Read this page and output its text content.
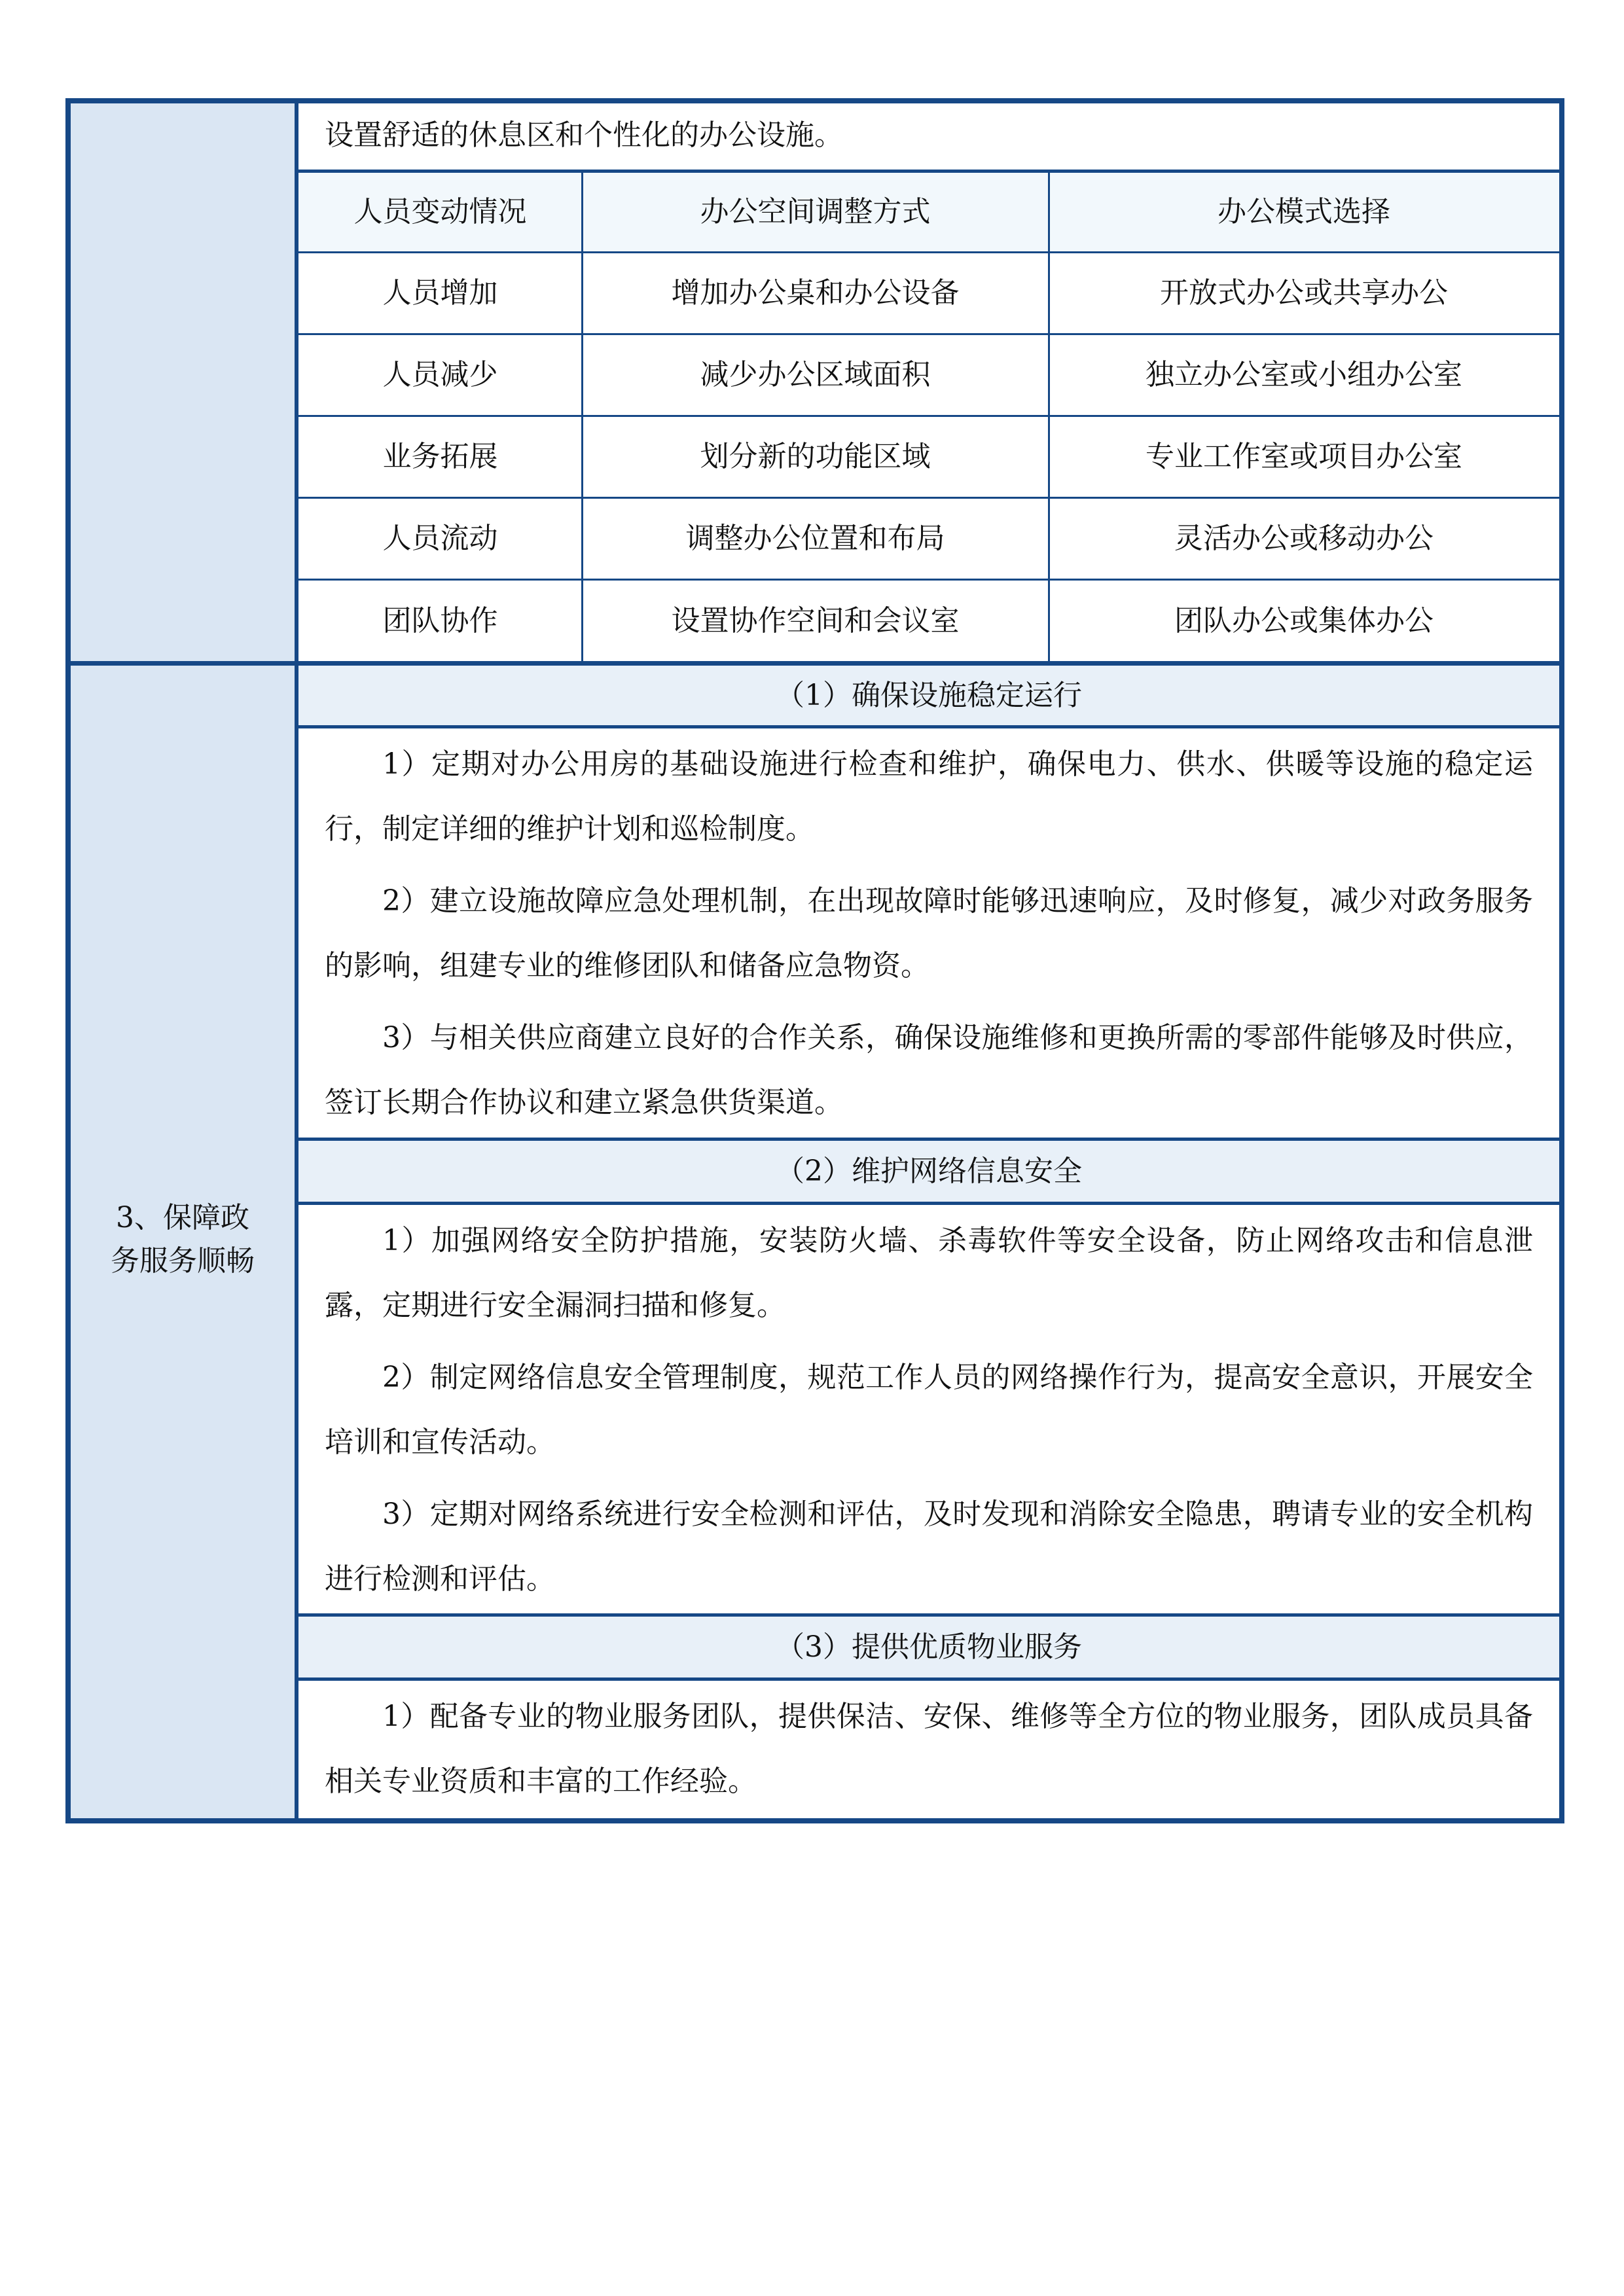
设置舒适的休息区和个性化的办公设施。
人员变动情况	办公空间调整方式	办公模式选择
人员增加	增加办公桌和办公设备	开放式办公或共享办公
人员减少	减少办公区域面积	独立办公室或小组办公室
业务拓展	划分新的功能区域	专业工作室或项目办公室
人员流动	调整办公位置和布局	灵活办公或移动办公
团队协作	设置协作空间和会议室	团队办公或集体办公
3、保障政
务服务顺畅
（1）确保设施稳定运行
1）定期对办公用房的基础设施进行检查和维护，确保电力、供水、供暖等设施的稳定运行，制定详细的维护计划和巡检制度。
2）建立设施故障应急处理机制，在出现故障时能够迅速响应，及时修复，减少对政务服务的影响，组建专业的维修团队和储备应急物资。
3）与相关供应商建立良好的合作关系，确保设施维修和更换所需的零部件能够及时供应，签订长期合作协议和建立紧急供货渠道。
（2）维护网络信息安全
1）加强网络安全防护措施，安装防火墙、杀毒软件等安全设备，防止网络攻击和信息泄露，定期进行安全漏洞扫描和修复。
2）制定网络信息安全管理制度，规范工作人员的网络操作行为，提高安全意识，开展安全培训和宣传活动。
3）定期对网络系统进行安全检测和评估，及时发现和消除安全隐患，聘请专业的安全机构进行检测和评估。
（3）提供优质物业服务
1）配备专业的物业服务团队，提供保洁、安保、维修等全方位的物业服务，团队成员具备相关专业资质和丰富的工作经验。
